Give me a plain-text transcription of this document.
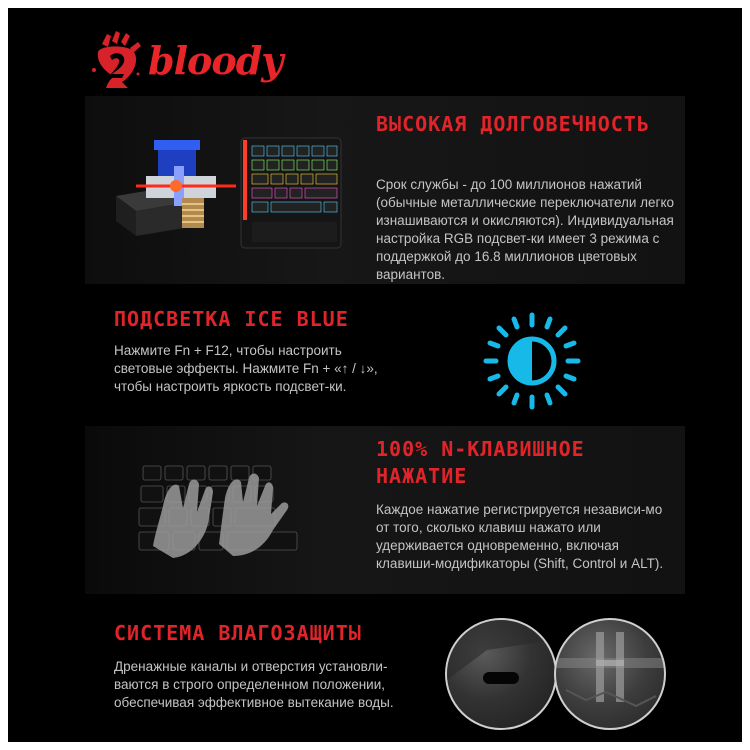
bloody
ВЫСОКАЯ ДОЛГОВЕЧНОСТЬ
Срок службы - до 100 миллионов нажатий (обычные металлические переключатели легко изнашиваются и окисляются). Индивидуальная настройка RGB подсвет-ки имеет 3 режима с поддержкой до 16.8 миллионов цветовых вариантов.
ПОДСВЕТКА ICE BLUE
Нажмите Fn + F12, чтобы настроить световые эффекты. Нажмите Fn + «↑ / ↓», чтобы настроить яркость подсвет-ки.
100% N-КЛАВИШНОЕ НАЖАТИЕ
Каждое нажатие регистрируется независи-мо от того, сколько клавиш нажато или удерживается одновременно, включая клавиши-модификаторы (Shift, Control и ALT).
СИСТЕМА ВЛАГОЗАЩИТЫ
Дренажные каналы и отверстия установли-ваются в строго определенном положении, обеспечивая эффективное вытекание воды.
